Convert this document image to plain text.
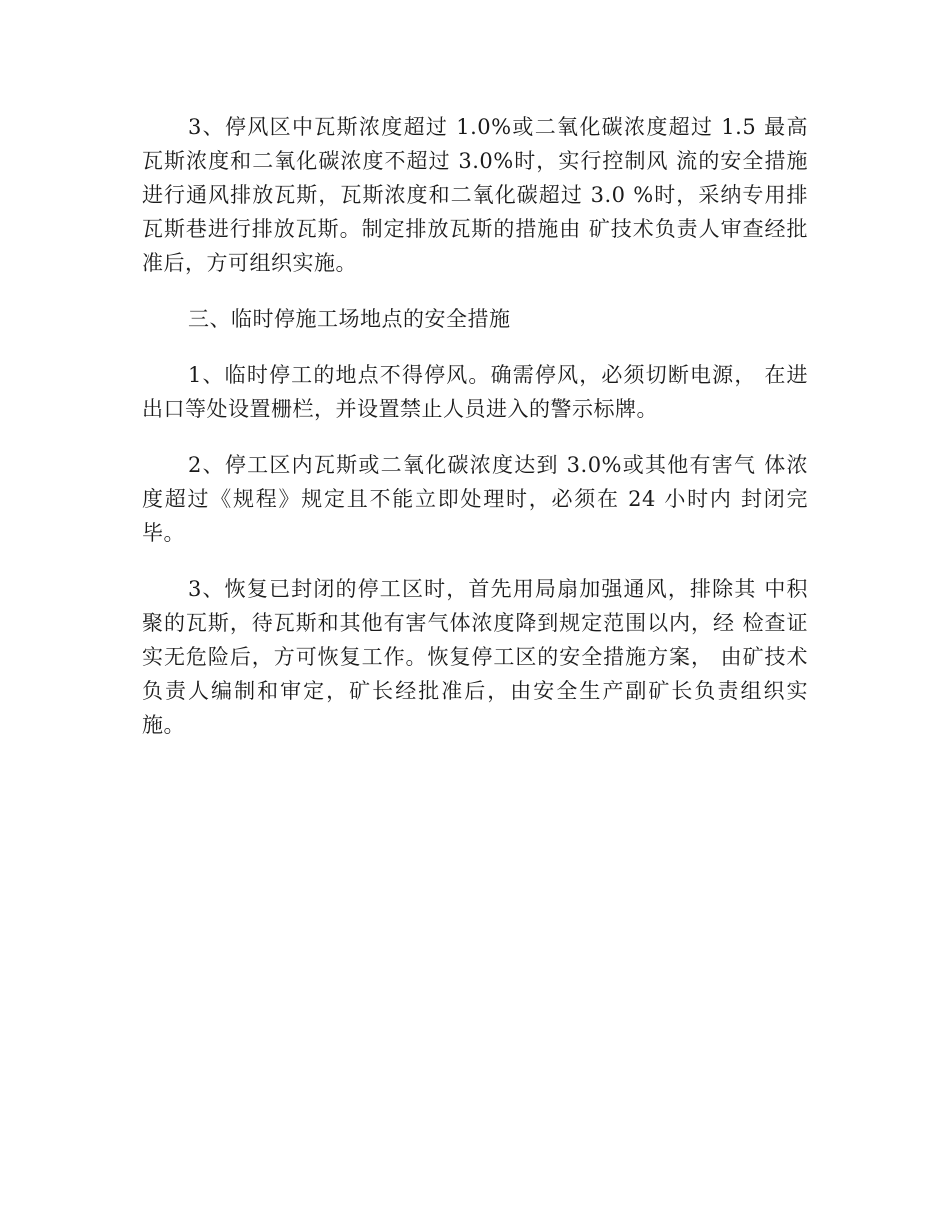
3、停风区中瓦斯浓度超过 1.0%或二氧化碳浓度超过 1.5 最高瓦斯浓度和二氧化碳浓度不超过 3.0%时，实行控制风 流的安全措施进行通风排放瓦斯，瓦斯浓度和二氧化碳超过 3.0 %时，采纳专用排瓦斯巷进行排放瓦斯。制定排放瓦斯的措施由 矿技术负责人审查经批准后，方可组织实施。

三、临时停施工场地点的安全措施

1、临时停工的地点不得停风。确需停风，必须切断电源， 在进出口等处设置栅栏，并设置禁止人员进入的警示标牌。

2、停工区内瓦斯或二氧化碳浓度达到 3.0%或其他有害气 体浓度超过《规程》规定且不能立即处理时，必须在 24 小时内 封闭完毕。

3、恢复已封闭的停工区时，首先用局扇加强通风，排除其 中积聚的瓦斯，待瓦斯和其他有害气体浓度降到规定范围以内，经 检查证实无危险后，方可恢复工作。恢复停工区的安全措施方案， 由矿技术负责人编制和审定，矿长经批准后，由安全生产副矿长负责组织实施。
